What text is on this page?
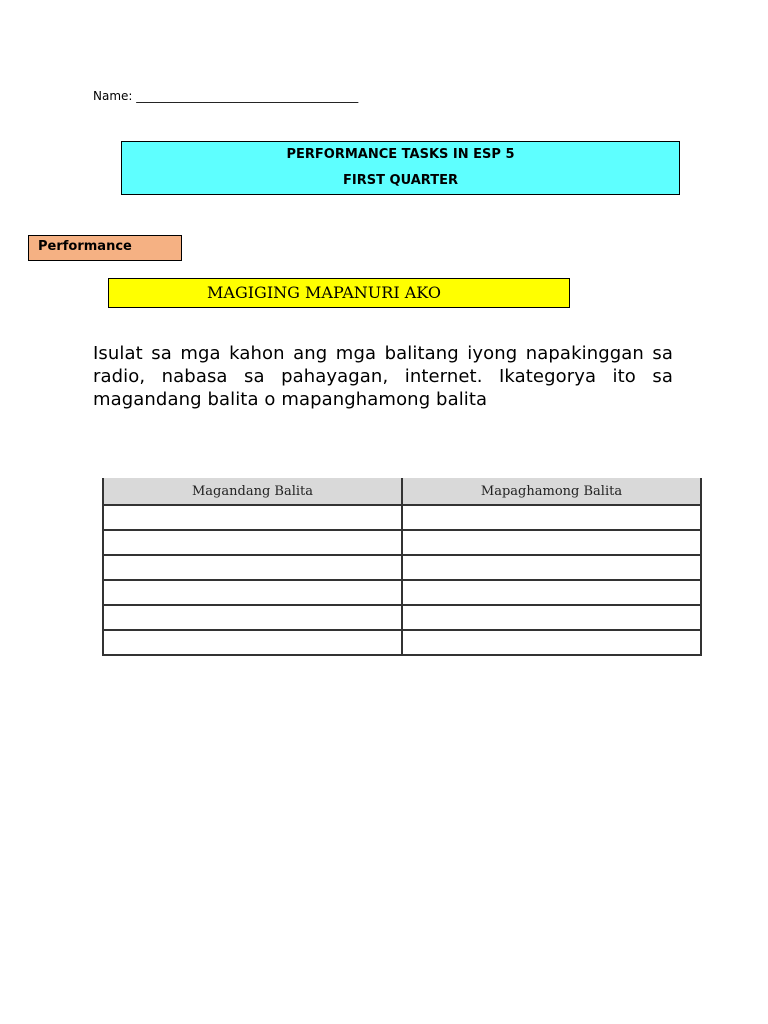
Name: _____________________________________
PERFORMANCE TASKS IN ESP 5
FIRST QUARTER
Performance
MAGIGING MAPANURI AKO

Isulat sa mga kahon ang mga balitang iyong napakinggan sa radio, nabasa sa pahayagan, internet. Ikategorya ito sa magandang balita o mapanghamong balita

Magandang Balita	Mapaghamong Balita
